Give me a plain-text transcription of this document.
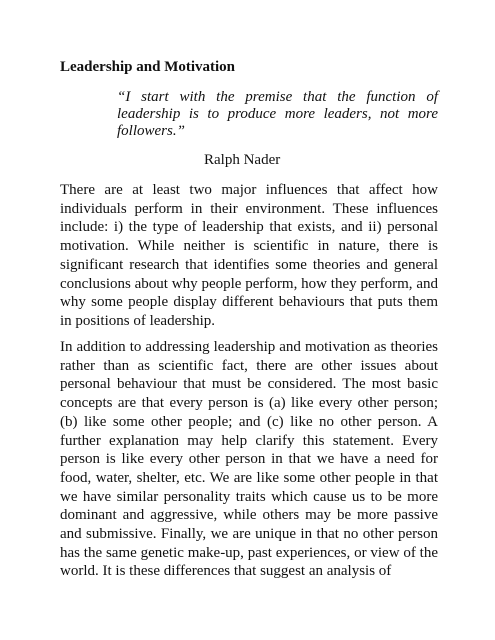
Leadership and Motivation

“I start with the premise that the function of leadership is to produce more leaders, not more followers.”

Ralph Nader

There are at least two major influences that affect how individuals perform in their environment. These influences include: i) the type of leadership that exists, and ii) personal motivation. While neither is scientific in nature, there is significant research that identifies some theories and general conclusions about why people perform, how they perform, and why some people display different behaviours that puts them in positions of leadership.

In addition to addressing leadership and motivation as theories rather than as scientific fact, there are other issues about personal behaviour that must be considered. The most basic concepts are that every person is (a) like every other person; (b) like some other people; and (c) like no other person. A further explanation may help clarify this statement. Every person is like every other person in that we have a need for food, water, shelter, etc. We are like some other people in that we have similar personality traits which cause us to be more dominant and aggressive, while others may be more passive and submissive. Finally, we are unique in that no other person has the same genetic make-up, past experiences, or view of the world. It is these differences that suggest an analysis of
